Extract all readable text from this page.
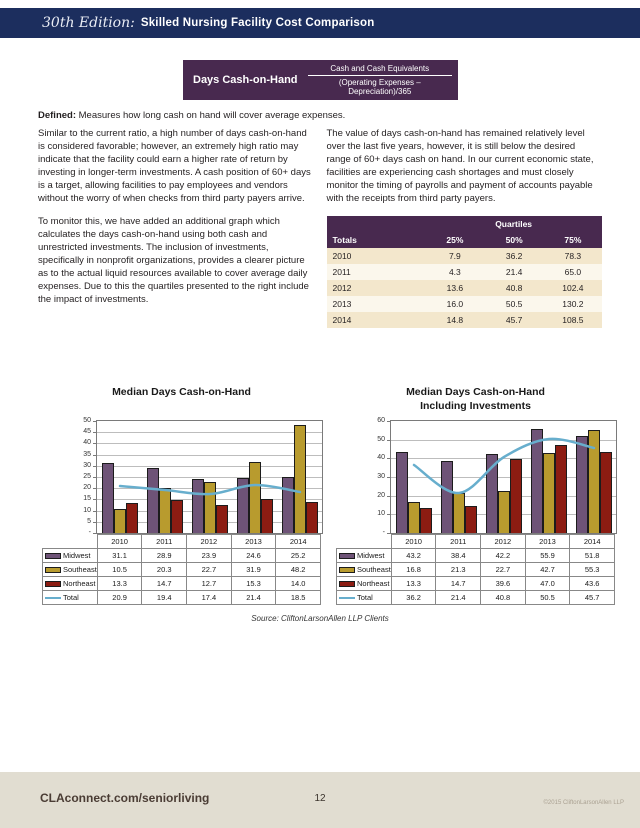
30th Edition: Skilled Nursing Facility Cost Comparison
Days Cash-on-Hand	$\frac{\text{Cash and Cash Equivalents}}{\text{(Operating Expenses – Depreciation)/365}}$
Defined: Measures how long cash on hand will cover average expenses.

Similar to the current ratio, a high number of days cash-on-hand is considered favorable; however, an extremely high ratio may indicate that the facility could earn a higher rate of return by investing in longer-term investments. A cash position of 60+ days is a target, allowing facilities to pay employees and vendors without the worry of when checks from third party payers arrive.

To monitor this, we have added an additional graph which calculates the days cash-on-hand using both cash and unrestricted investments. The inclusion of investments, specifically in nonprofit organizations, provides a clearer picture as to the actual liquid resources available to cover average daily expenses. Due to this the quartiles presented to the right include the impact of investments.

The value of days cash-on-hand has remained relatively level over the last five years, however, it is still below the desired range of 60+ days cash on hand. In our current economic state, facilities are experiencing cash shortages and must closely monitor the timing of payrolls and payment of accounts payable with the receipts from third party payers.

	Quartiles		
Totals	25%	50%	75%
2010	7.9	36.2	78.3
2011	4.3	21.4	65.0
2012	13.6	40.8	102.4
2013	16.0	50.5	130.2
2014	14.8	45.7	108.5
Median Days Cash-on-Hand
-
5
10
15
20
25
30
35
40
45
50
	2010	2011	2012	2013	2014
Midwest	31.1	28.9	23.9	24.6	25.2
Southeast	10.5	20.3	22.7	31.9	48.2
Northeast	13.3	14.7	12.7	15.3	14.0
Total	20.9	19.4	17.4	21.4	18.5
Median Days Cash-on-Hand
Including Investments
-
10
20
30
40
50
60
	2010	2011	2012	2013	2014
Midwest	43.2	38.4	42.2	55.9	51.8
Southeast	16.8	21.3	22.7	42.7	55.3
Northeast	13.3	14.7	39.6	47.0	43.6
Total	36.2	21.4	40.8	50.5	45.7
Source: CliftonLarsonAllen LLP Clients
CLAconnect.com/seniorliving	12	©2015 CliftonLarsonAllen LLP
